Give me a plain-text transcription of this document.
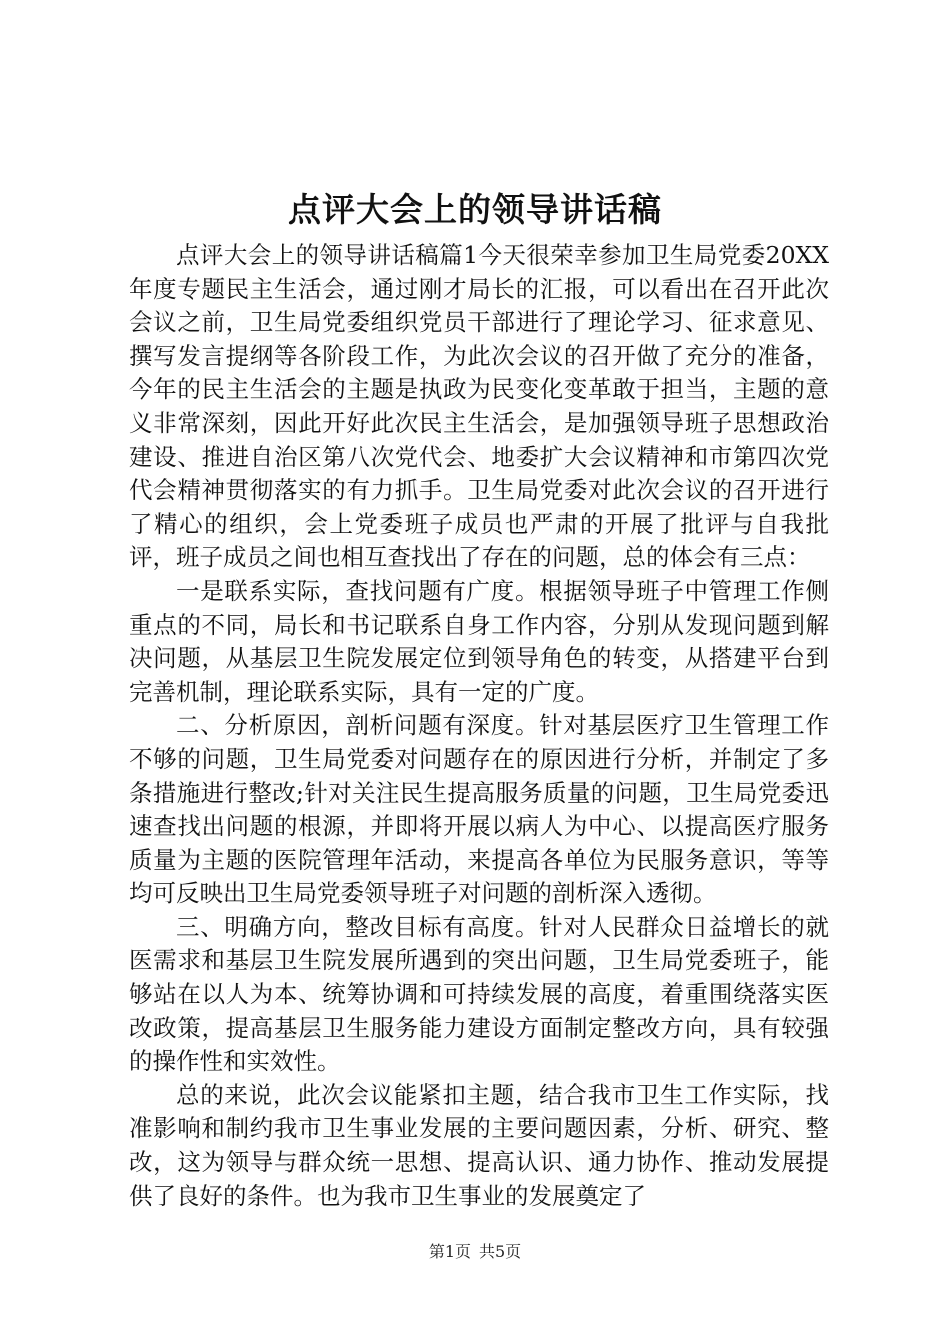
点评大会上的领导讲话稿

点评大会上的领导讲话稿篇1今天很荣幸参加卫生局党委20XX年度专题民主生活会，通过刚才局长的汇报，可以看出在召开此次会议之前，卫生局党委组织党员干部进行了理论学习、征求意见、撰写发言提纲等各阶段工作，为此次会议的召开做了充分的准备，今年的民主生活会的主题是执政为民变化变革敢于担当，主题的意义非常深刻，因此开好此次民主生活会，是加强领导班子思想政治建设、推进自治区第八次党代会、地委扩大会议精神和市第四次党代会精神贯彻落实的有力抓手。卫生局党委对此次会议的召开进行了精心的组织，会上党委班子成员也严肃的开展了批评与自我批评，班子成员之间也相互查找出了存在的问题，总的体会有三点：

一是联系实际，查找问题有广度。根据领导班子中管理工作侧重点的不同，局长和书记联系自身工作内容，分别从发现问题到解决问题，从基层卫生院发展定位到领导角色的转变，从搭建平台到完善机制，理论联系实际，具有一定的广度。

二、分析原因，剖析问题有深度。针对基层医疗卫生管理工作不够的问题，卫生局党委对问题存在的原因进行分析，并制定了多条措施进行整改;针对关注民生提高服务质量的问题，卫生局党委迅速查找出问题的根源，并即将开展以病人为中心、以提高医疗服务质量为主题的医院管理年活动，来提高各单位为民服务意识，等等均可反映出卫生局党委领导班子对问题的剖析深入透彻。

三、明确方向，整改目标有高度。针对人民群众日益增长的就医需求和基层卫生院发展所遇到的突出问题，卫生局党委班子，能够站在以人为本、统筹协调和可持续发展的高度，着重围绕落实医改政策，提高基层卫生服务能力建设方面制定整改方向，具有较强的操作性和实效性。

总的来说，此次会议能紧扣主题，结合我市卫生工作实际，找准影响和制约我市卫生事业发展的主要问题因素，分析、研究、整改，这为领导与群众统一思想、提高认识、通力协作、推动发展提供了良好的条件。也为我市卫生事业的发展奠定了

第1页 共5页
